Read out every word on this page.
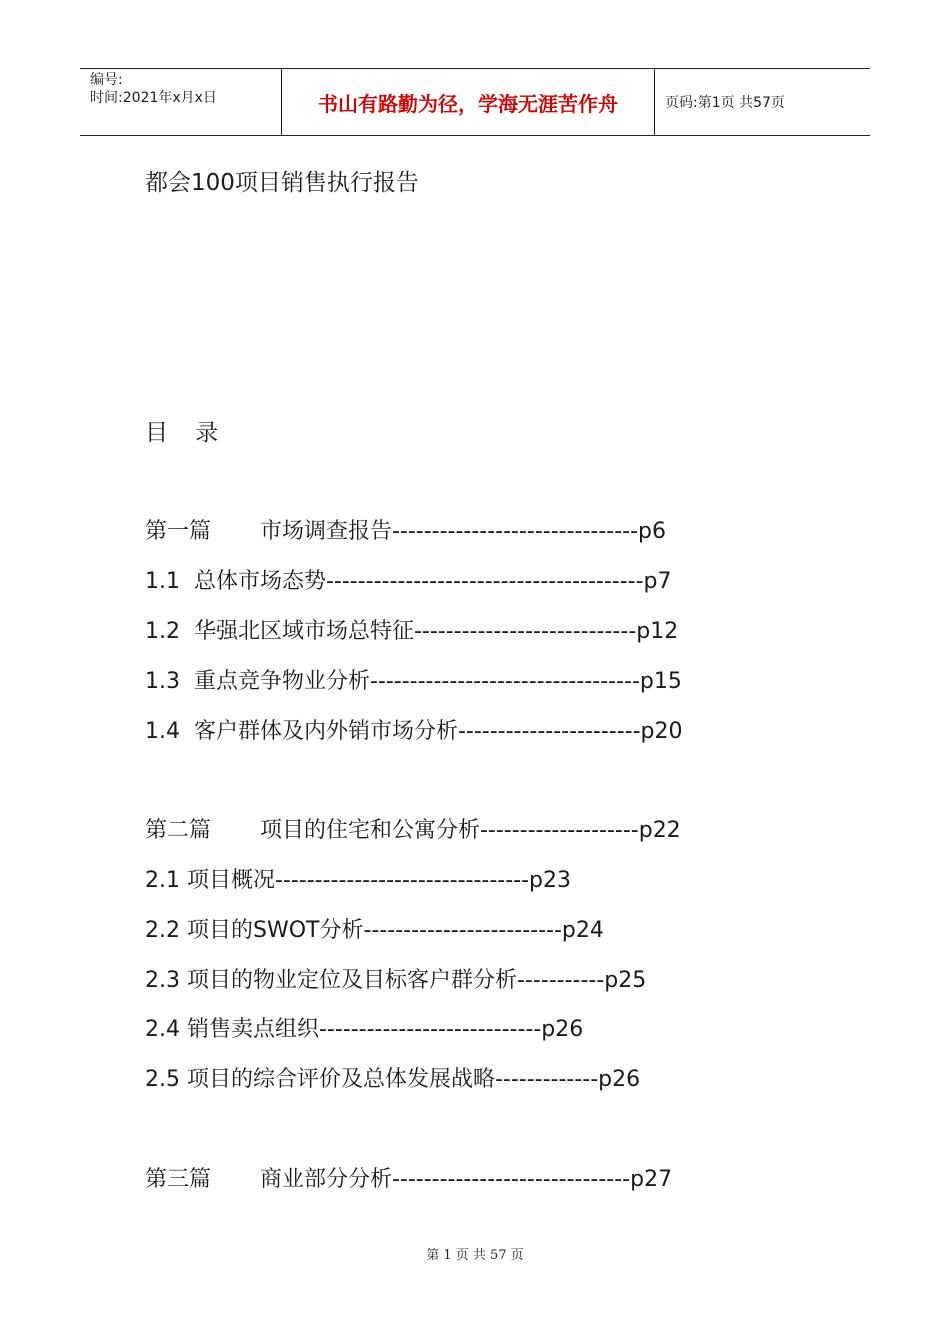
编号:
时间:2021年x月x日	书山有路勤为径，学海无涯苦作舟	页码:第1页 共57页
都会100项目销售执行报告
目 录
第一篇       市场调查报告-------------------------------p6
1.1  总体市场态势----------------------------------------p7
1.2  华强北区域市场总特征----------------------------p12
1.3  重点竞争物业分析----------------------------------p15
1.4  客户群体及内外销市场分析-----------------------p20
第二篇       项目的住宅和公寓分析--------------------p22
2.1 项目概况--------------------------------p23
2.2 项目的SWOT分析-------------------------p24
2.3 项目的物业定位及目标客户群分析-----------p25
2.4 销售卖点组织----------------------------p26
2.5 项目的综合评价及总体发展战略-------------p26
第三篇       商业部分分析------------------------------p27
第 1 页 共 57 页
